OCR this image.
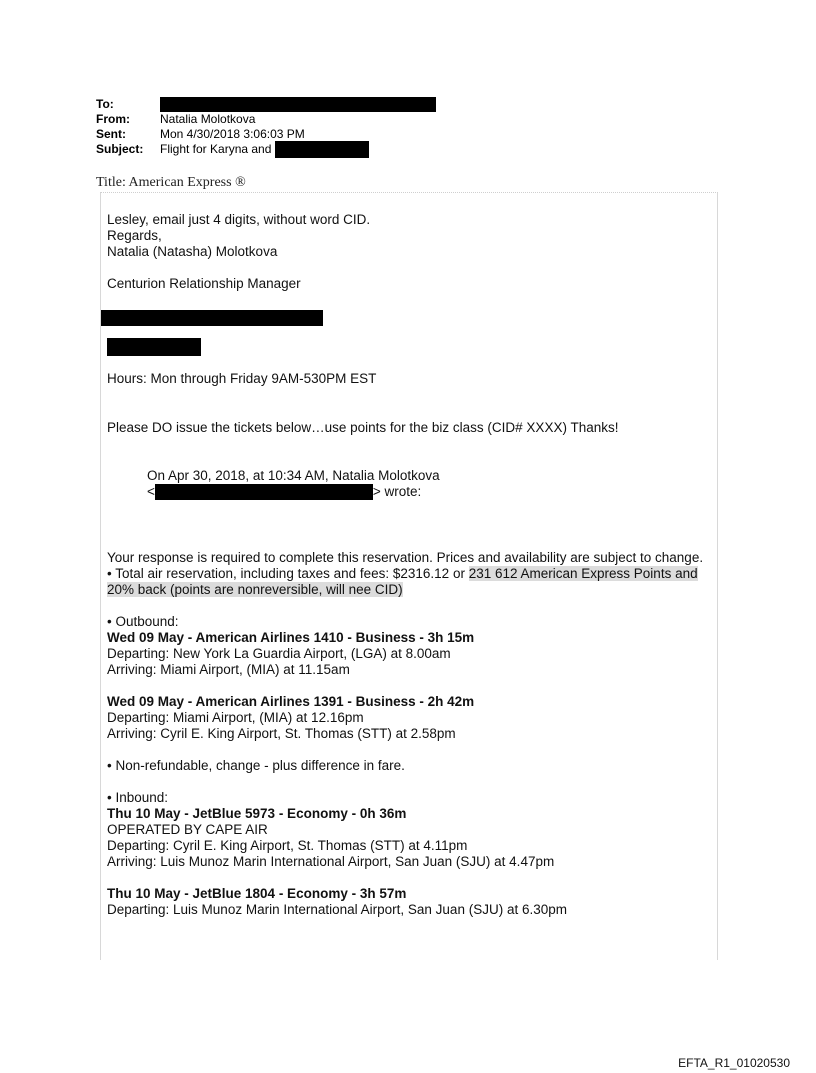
To:
From:	Natalia Molotkova
Sent:	Mon 4/30/2018 3:06:03 PM
Subject:	Flight for Karyna and
Title: American Express ®

Lesley, email just 4 digits, without word CID.

Regards,

Natalia (Natasha) Molotkova

Centurion Relationship Manager

Hours: Mon through Friday 9AM-530PM EST

Please DO issue the tickets below…use points for the biz class (CID# XXXX) Thanks!

On Apr 30, 2018, at 10:34 AM, Natalia Molotkova

<	> wrote:

Your response is required to complete this reservation. Prices and availability are subject to change.

• Total air reservation, including taxes and fees: $2316.12 or 231 612 American Express Points and 20% back (points are nonreversible, will nee CID)

• Outbound:

Wed 09 May - American Airlines 1410 - Business - 3h 15m

Departing: New York La Guardia Airport, (LGA) at 8.00am

Arriving: Miami Airport, (MIA) at 11.15am

Wed 09 May - American Airlines 1391 - Business - 2h 42m

Departing: Miami Airport, (MIA) at 12.16pm

Arriving: Cyril E. King Airport, St. Thomas (STT) at 2.58pm

• Non-refundable, change - plus difference in fare.

• Inbound:

Thu 10 May - JetBlue 5973 - Economy - 0h 36m

OPERATED BY CAPE AIR

Departing: Cyril E. King Airport, St. Thomas (STT) at 4.11pm

Arriving: Luis Munoz Marin International Airport, San Juan (SJU) at 4.47pm

Thu 10 May - JetBlue 1804 - Economy - 3h 57m

Departing: Luis Munoz Marin International Airport, San Juan (SJU) at 6.30pm

EFTA_R1_01020530
